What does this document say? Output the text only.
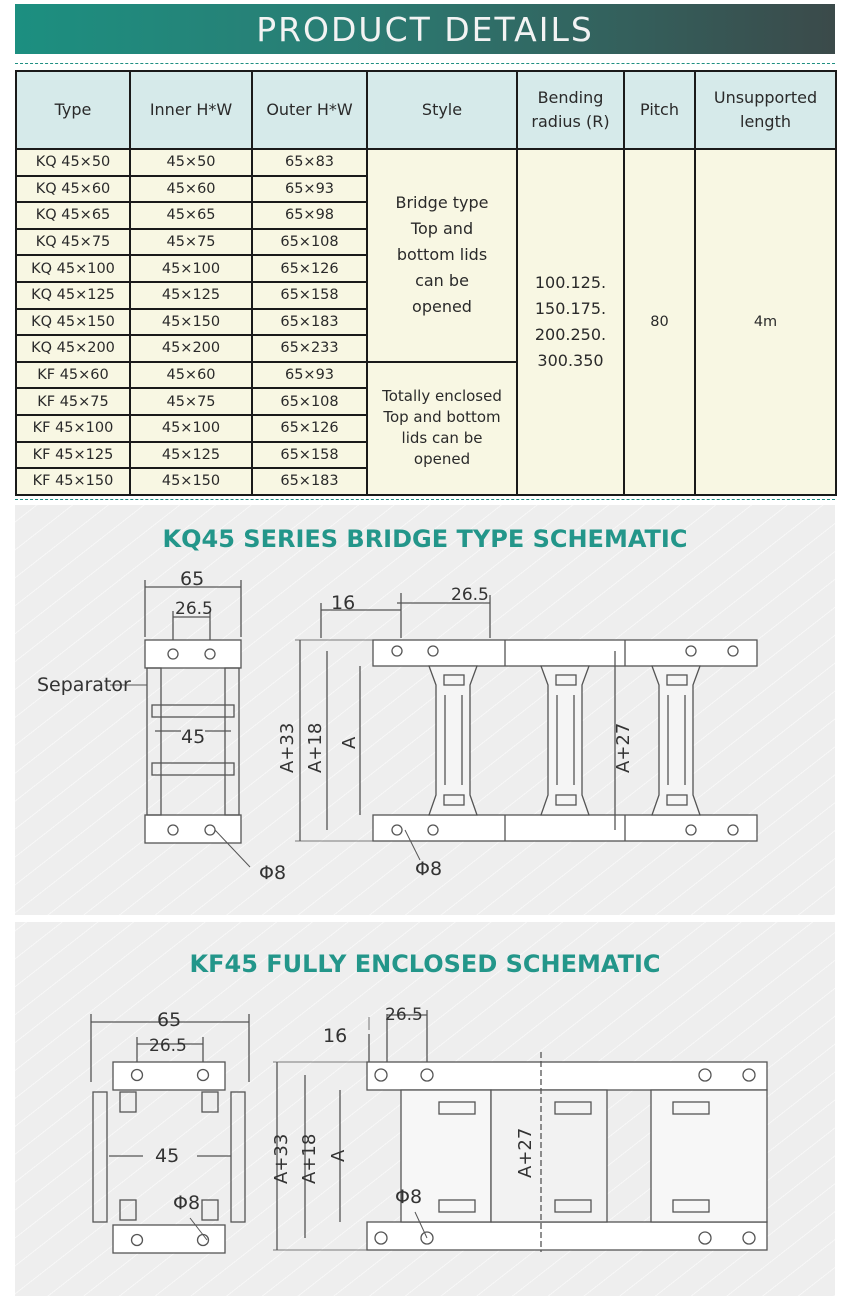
PRODUCT DETAILS
Type	Inner H*W	Outer H*W	Style	Bending radius (R)	Pitch	Unsupported length
KQ 45×50	45×50	65×83	Bridge type Top and bottom lids can be opened	100.125. 150.175. 200.250. 300.350	80	4m
KQ 45×60	45×60	65×93				
KQ 45×65	45×65	65×98				
KQ 45×75	45×75	65×108				
KQ 45×100	45×100	65×126				
KQ 45×125	45×125	65×158				
KQ 45×150	45×150	65×183				
KQ 45×200	45×200	65×233				
KF 45×60	45×60	65×93	Totally enclosed Top and bottom lids can be opened			
KF 45×75	45×75	65×108				
KF 45×100	45×100	65×126				
KF 45×125	45×125	65×158				
KF 45×150	45×150	65×183				
KQ45 SERIES BRIDGE TYPE SCHEMATIC
65
26.5
Separator
45
Φ8
16	26.5
Φ8
A+33 A+18 A	A+27
KF45 FULLY ENCLOSED SCHEMATIC
65
26.5
45
Φ8
16
26.5
Φ8
A+33 A+18 A	A+27
